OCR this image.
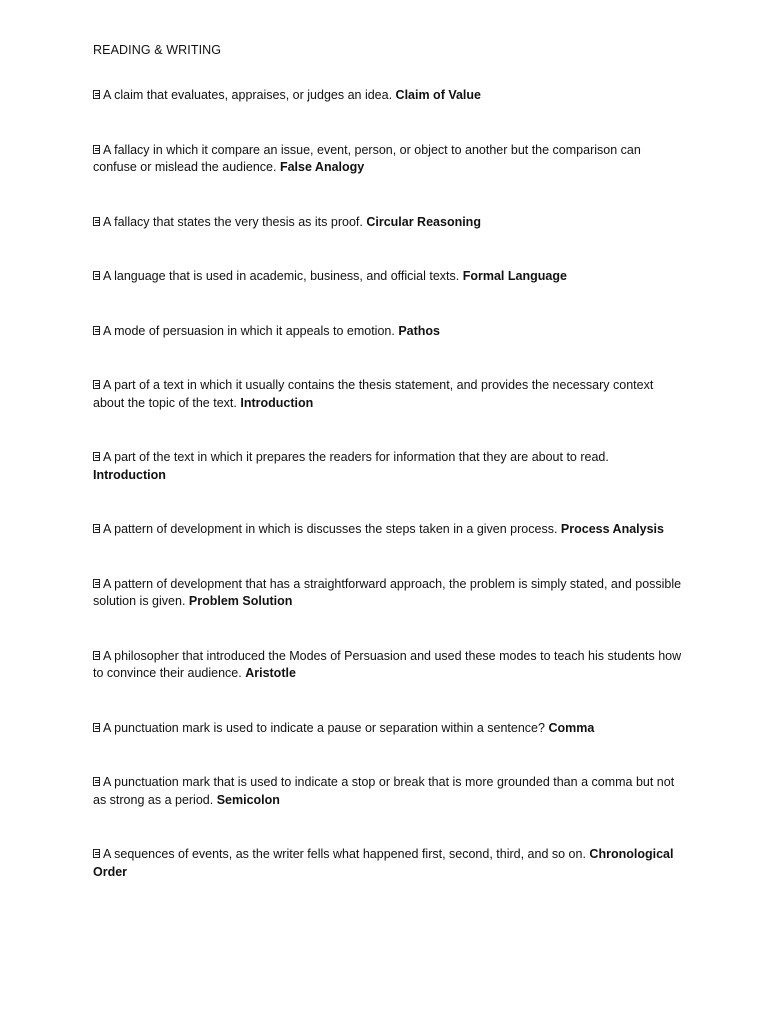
READING & WRITING

A claim that evaluates, appraises, or judges an idea. Claim of Value

A fallacy in which it compare an issue, event, person, or object to another but the comparison can confuse or mislead the audience. False Analogy

A fallacy that states the very thesis as its proof. Circular Reasoning

A language that is used in academic, business, and official texts. Formal Language

A mode of persuasion in which it appeals to emotion. Pathos

A part of a text in which it usually contains the thesis statement, and provides the necessary context about the topic of the text. Introduction

A part of the text in which it prepares the readers for information that they are about to read. Introduction

A pattern of development in which is discusses the steps taken in a given process. Process Analysis

A pattern of development that has a straightforward approach, the problem is simply stated, and possible solution is given. Problem Solution

A philosopher that introduced the Modes of Persuasion and used these modes to teach his students how to convince their audience. Aristotle

A punctuation mark is used to indicate a pause or separation within a sentence? Comma

A punctuation mark that is used to indicate a stop or break that is more grounded than a comma but not as strong as a period. Semicolon

A sequences of events, as the writer fells what happened first, second, third, and so on. Chronological Order
